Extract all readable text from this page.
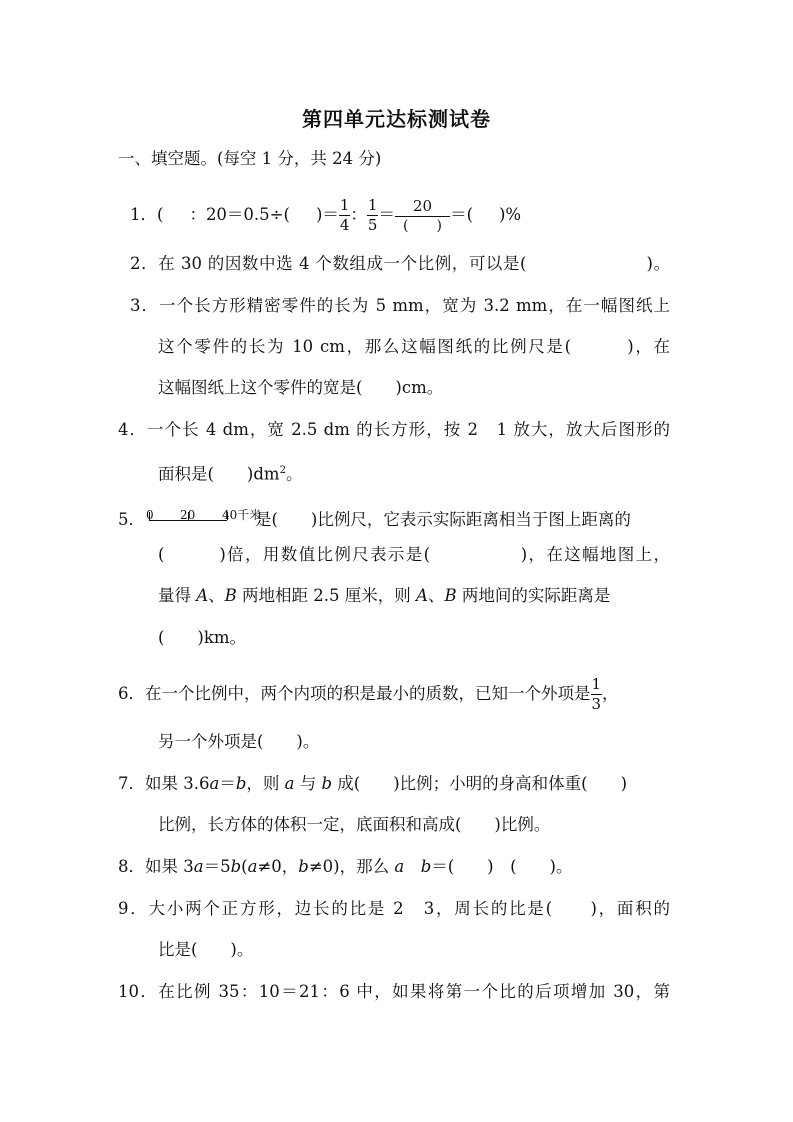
第四单元达标测试卷
一、填空题。(每空 1 分，共 24 分)
1．( ：20＝0.5÷( )＝ $\frac{1}{4}$ ： $\frac{1}{5} = \frac{20}{( )}$ ＝( )%
2．在 30 的因数中选 4 个数组成一个比例，可以是(　　　　　　　)。
3．一个长方形精密零件的长为 5 mm，宽为 3.2 mm，在一幅图纸上
这个零件的长为 10 cm，那么这幅图纸的比例尺是(　　　)，在
这幅图纸上这个零件的宽是(　　)cm。
4．一个长 4 dm，宽 2.5 dm 的长方形，按 2　1 放大，放大后图形的
面积是(　　)$dm^2$。
5． 0 20 40千米
是(　　)比例尺，它表示实际距离相当于图上距离的
(　　　)倍，用数值比例尺表示是(　　　　　)，在这幅地图上，
量得 A、B 两地相距 2.5 厘米，则 A、B 两地间的实际距离是
(　　)km。
6．在一个比例中，两个内项的积是最小的质数，已知一个外项是 $\frac{1}{3}$ ，
另一个外项是(　　)。
7．如果 3.6a＝b，则 a 与 b 成(　　)比例；小明的身高和体重(　　)
比例，长方体的体积一定，底面积和高成(　　)比例。
8．如果 3a＝5b(a≠0，b≠0)，那么 a　 b＝(　　)　(　　)。
9．大小两个正方形，边长的比是 2　3，周长的比是(　　)，面积的
比是(　　)。
10．在比例 35：10＝21：6 中，如果将第一个比的后项增加 30，第
